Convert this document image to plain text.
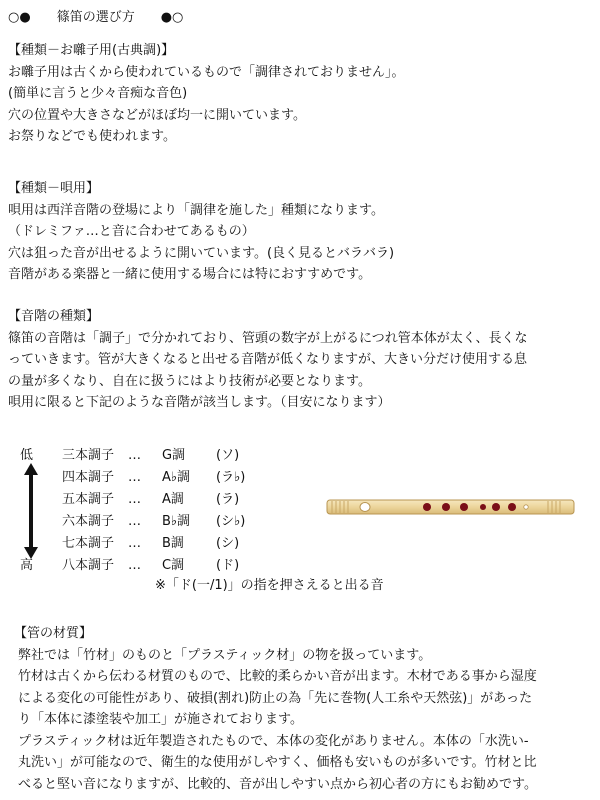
○● 篠笛の選び方 ●○

【種類－お囃子用(古典調)】

お囃子用は古くから使われているもので「調律されておりません」。

(簡単に言うと少々音痴な音色)

穴の位置や大きさなどがほぼ均一に開いています。

お祭りなどでも使われます。

【種類－唄用】

唄用は西洋音階の登場により「調律を施した」種類になります。

（ドレミファ…と音に合わせてあるもの）

穴は狙った音が出せるように開いています。(良く見るとバラバラ)

音階がある楽器と一緒に使用する場合には特におすすめです。

【音階の種類】

篠笛の音階は「調子」で分かれており、管頭の数字が上がるにつれ管本体が太く、長くな

っていきます。管が大きくなると出せる音階が低くなりますが、大きい分だけ使用する息

の量が多くなり、自在に扱うにはより技術が必要となります。

唄用に限ると下記のような音階が該当します。（目安になります）

低
高
三本調子 … G調 (ソ)
四本調子 … A♭調 (ラ♭)
五本調子 … A調 (ラ)
六本調子 … B♭調 (シ♭)
七本調子 … B調 (シ)
八本調子 … C調 (ド)
※「ド(一/1)」の指を押さえると出る音

【管の材質】

弊社では「竹材」のものと「プラスティック材」の物を扱っています。

竹材は古くから伝わる材質のもので、比較的柔らかい音が出ます。木材である事から湿度

による変化の可能性があり、破損(割れ)防止の為「先に巻物(人工糸や天然弦)」があった

り「本体に漆塗装や加工」が施されております。

プラスティック材は近年製造されたもので、本体の変化がありません。本体の「水洗い-

丸洗い」が可能なので、衛生的な使用がしやすく、価格も安いものが多いです。竹材と比

べると堅い音になりますが、比較的、音が出しやすい点から初心者の方にもお勧めです。
